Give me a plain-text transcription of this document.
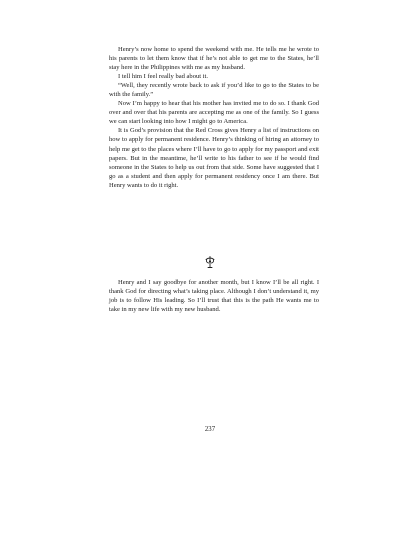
Henry’s now home to spend the weekend with me. He tells me he wrote to his parents to let them know that if he’s not able to get me to the States, he’ll stay here in the Philippines with me as my husband.

I tell him I feel really bad about it.

“Well, they recently wrote back to ask if you’d like to go to the States to be with the family.”

Now I’m happy to hear that his mother has invited me to do so. I thank God over and over that his parents are accepting me as one of the family. So I guess we can start looking into how I might go to America.

It is God’s provision that the Red Cross gives Henry a list of instructions on how to apply for permanent residence. Henry’s thinking of hiring an attorney to help me get to the places where I’ll have to go to apply for my passport and exit papers. But in the meantime, he’ll write to his father to see if he would find someone in the States to help us out from that side. Some have suggested that I go as a student and then apply for permanent residency once I am there. But Henry wants to do it right.

Henry and I say goodbye for another month, but I know I’ll be all right. I thank God for directing what’s taking place. Although I don’t understand it, my job is to follow His leading. So I’ll trust that this is the path He wants me to take in my new life with my new husband.

237
